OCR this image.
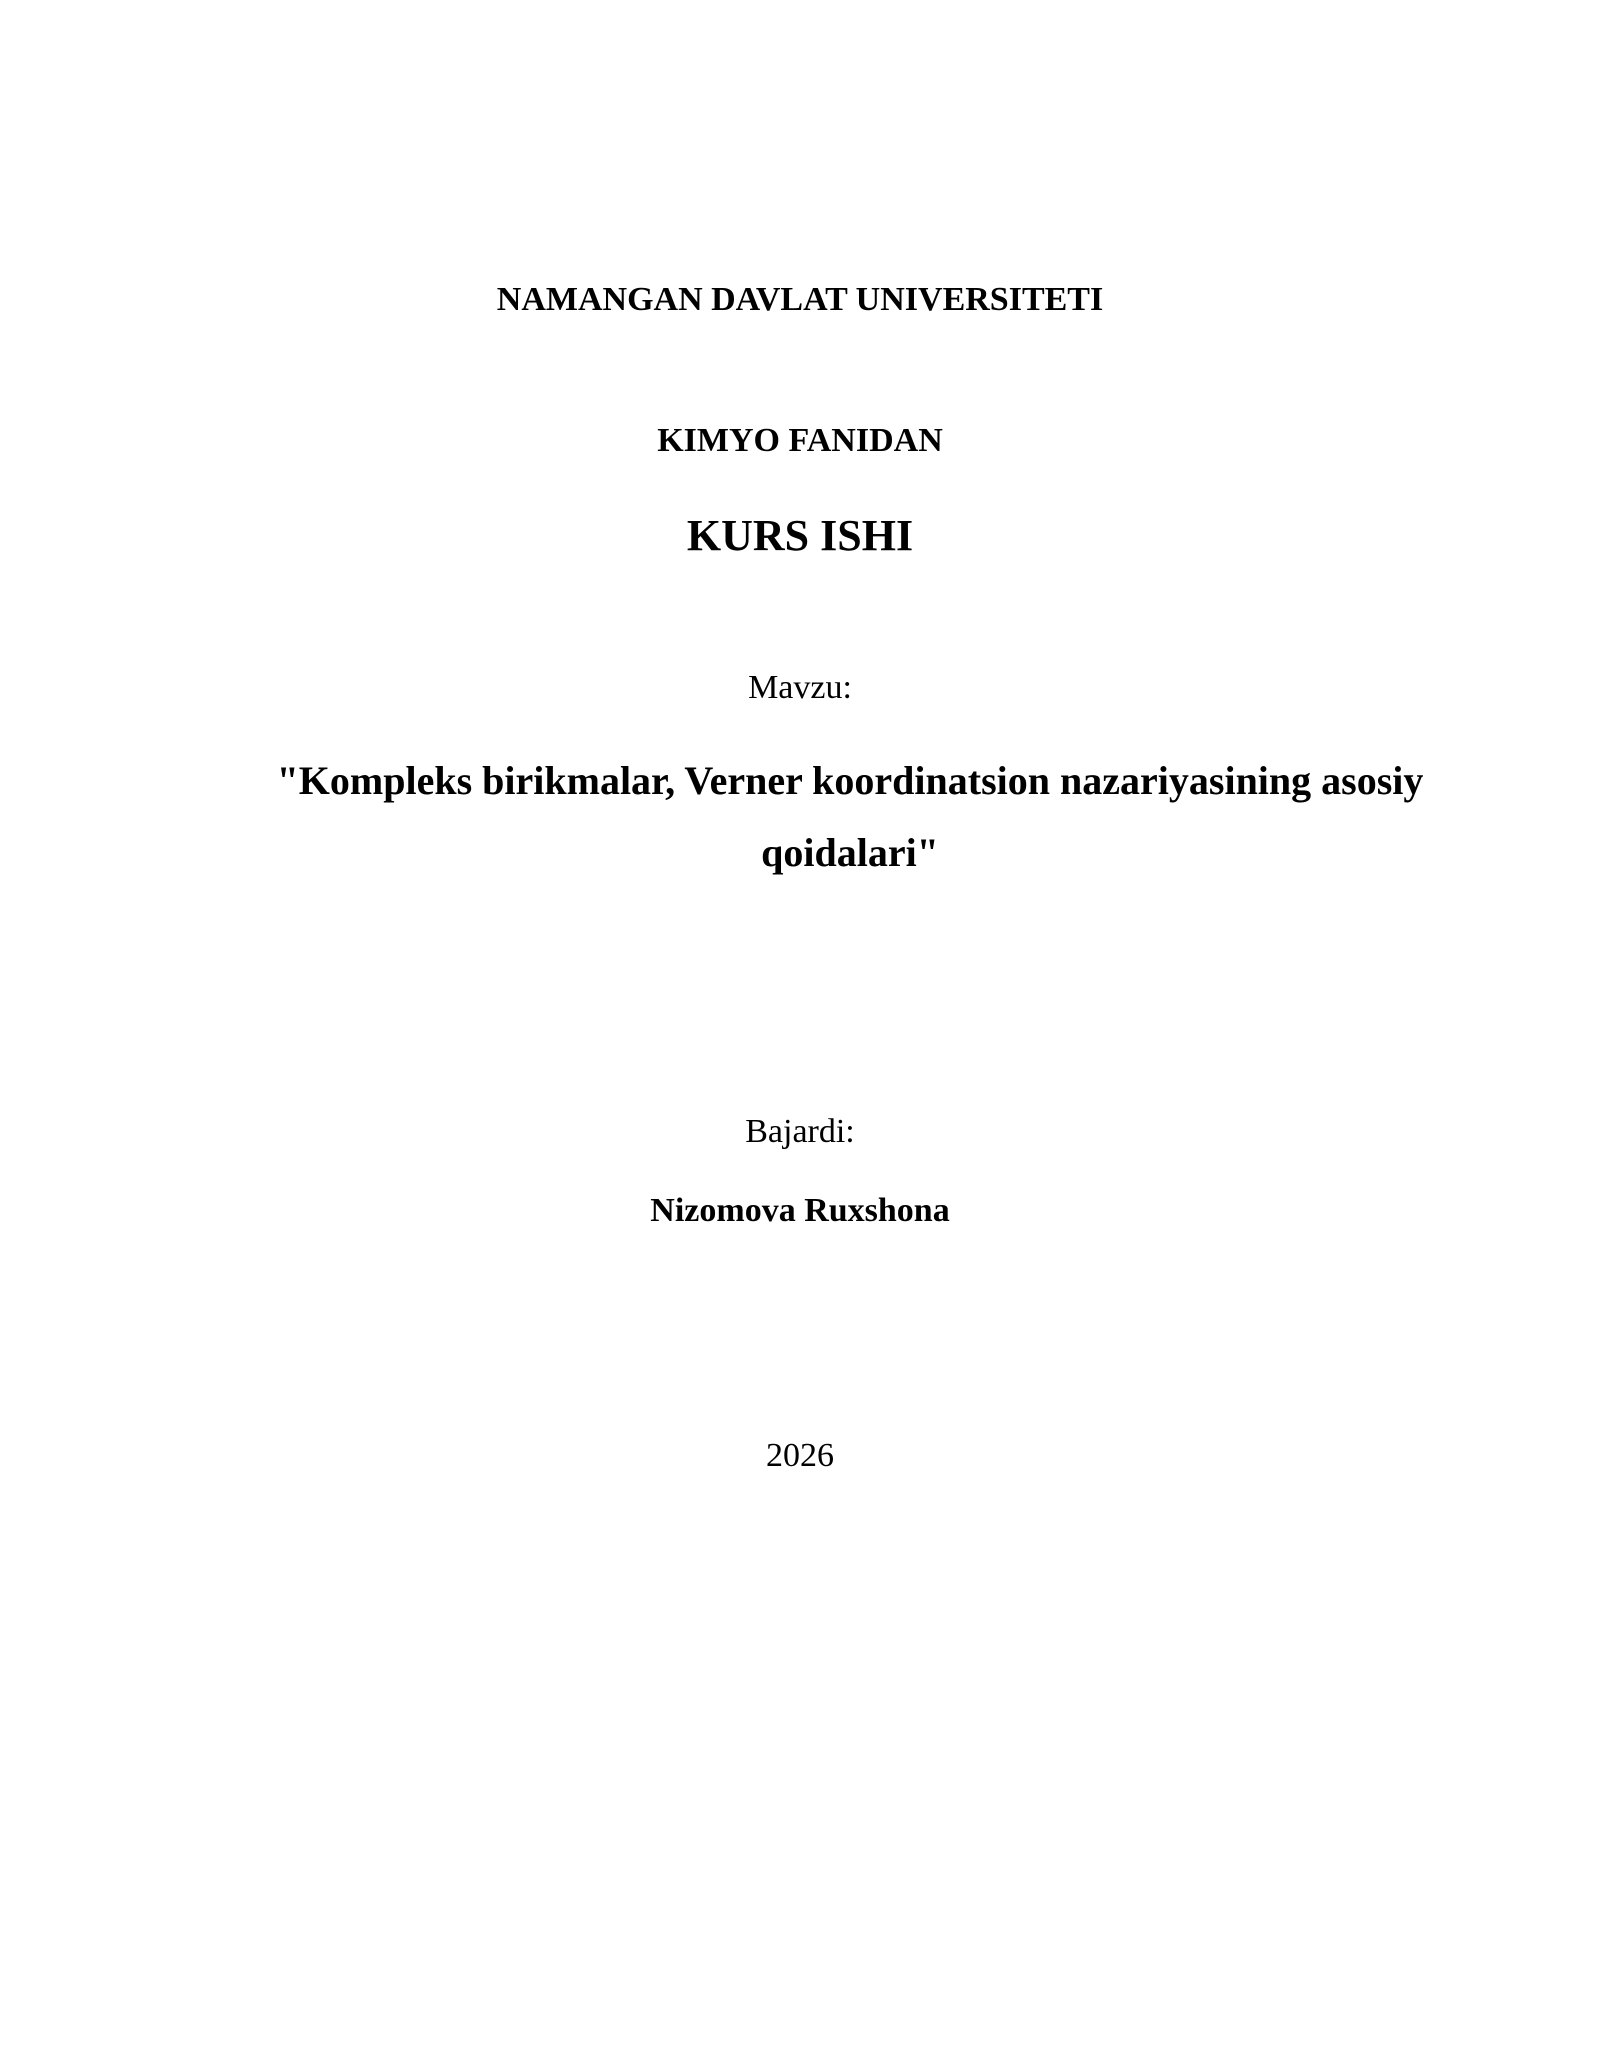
NAMANGAN DAVLAT UNIVERSITETI

KIMYO FANIDAN

KURS ISHI

Mavzu:

"Kompleks birikmalar, Verner koordinatsion nazariyasining asosiy qoidalari"

Bajardi:

Nizomova Ruxshona

2026
